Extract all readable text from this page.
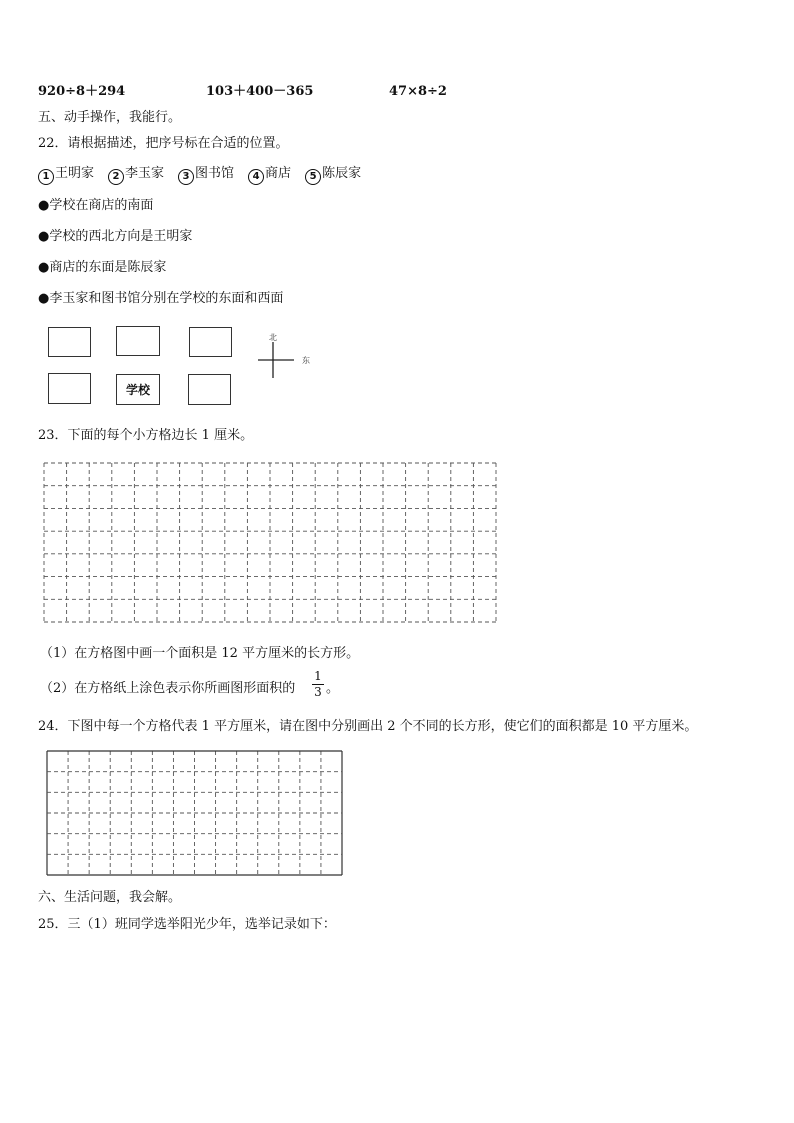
920÷8＋294	103＋400－365	47×8÷2
五、动手操作，我能行。
22．请根据描述，把序号标在合适的位置。
1 王明家 2 李玉家 3 图书馆 4 商店 5 陈辰家
●学校在商店的南面
●学校的西北方向是王明家
●商店的东面是陈辰家
●李玉家和图书馆分别在学校的东面和西面
学校
北
东
23．下面的每个小方格边长 1 厘米。
（1）在方格图中画一个面积是 12 平方厘米的长方形。
（2）在方格纸上涂色表示你所画图形面积的
1
3 。
24．下图中每一个方格代表 1 平方厘米，请在图中分别画出 2 个不同的长方形，使它们的面积都是 10 平方厘米。
六、生活问题，我会解。
25．三（1）班同学选举阳光少年，选举记录如下：
